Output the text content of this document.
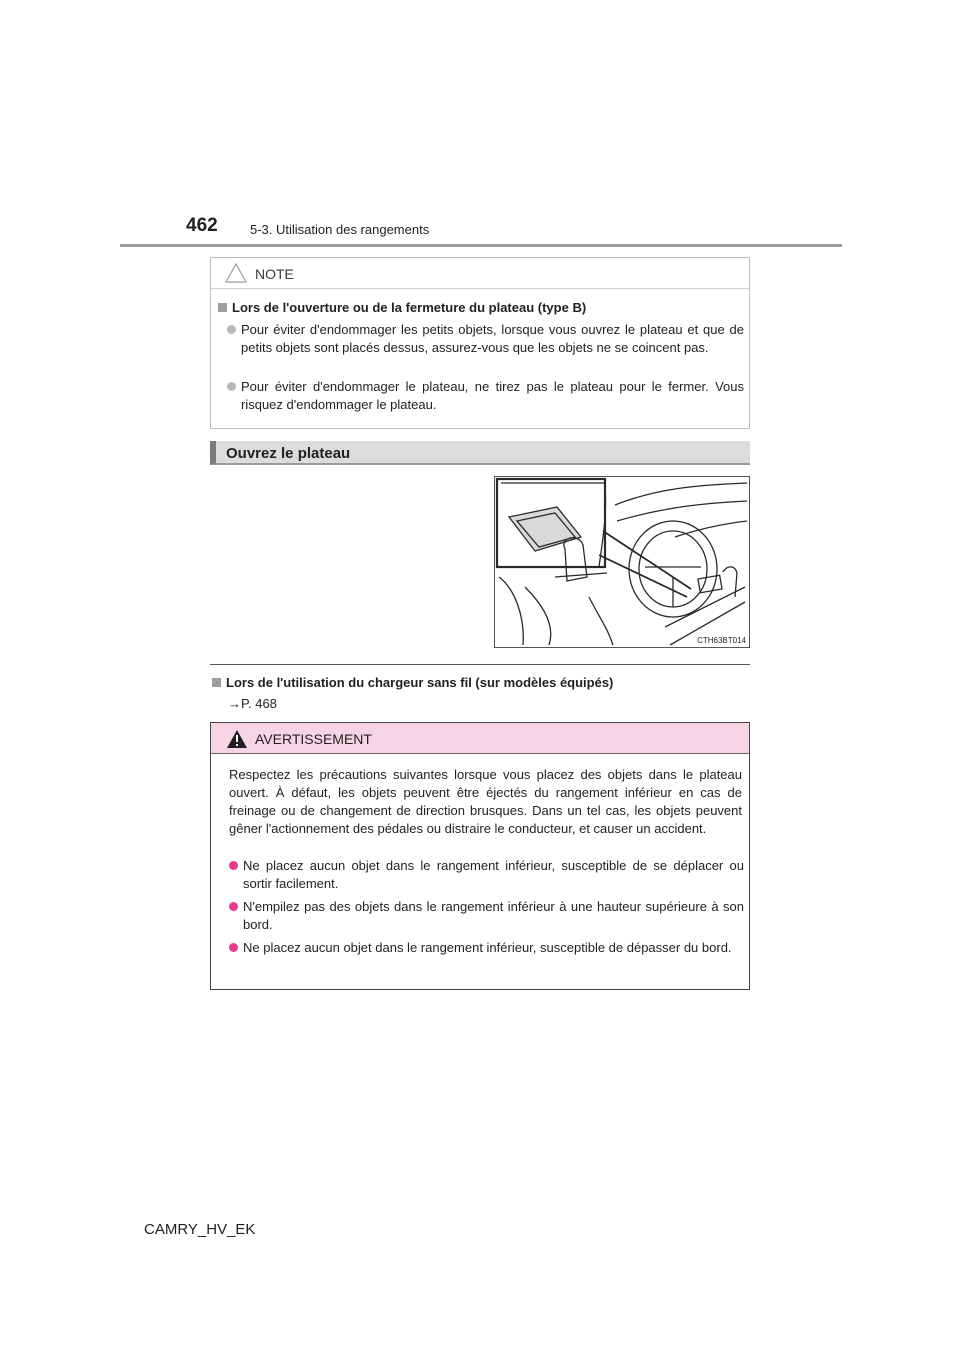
462 5-3. Utilisation des rangements
NOTE
Lors de l'ouverture ou de la fermeture du plateau (type B)
Pour éviter d'endommager les petits objets, lorsque vous ouvrez le plateau et que de petits objets sont placés dessus, assurez-vous que les objets ne se coincent pas.
Pour éviter d'endommager le plateau, ne tirez pas le plateau pour le fermer. Vous risquez d'endommager le plateau.
Ouvrez le plateau
CTH63BT014
Lors de l'utilisation du chargeur sans fil (sur modèles équipés)
→P. 468
AVERTISSEMENT
Respectez les précautions suivantes lorsque vous placez des objets dans le plateau ouvert. À défaut, les objets peuvent être éjectés du rangement inférieur en cas de freinage ou de changement de direction brusques. Dans un tel cas, les objets peuvent gêner l'actionnement des pédales ou distraire le conducteur, et causer un accident.
Ne placez aucun objet dans le rangement inférieur, susceptible de se déplacer ou sortir facilement.
N'empilez pas des objets dans le rangement inférieur à une hauteur supérieure à son bord.
Ne placez aucun objet dans le rangement inférieur, susceptible de dépasser du bord.
CAMRY_HV_EK
